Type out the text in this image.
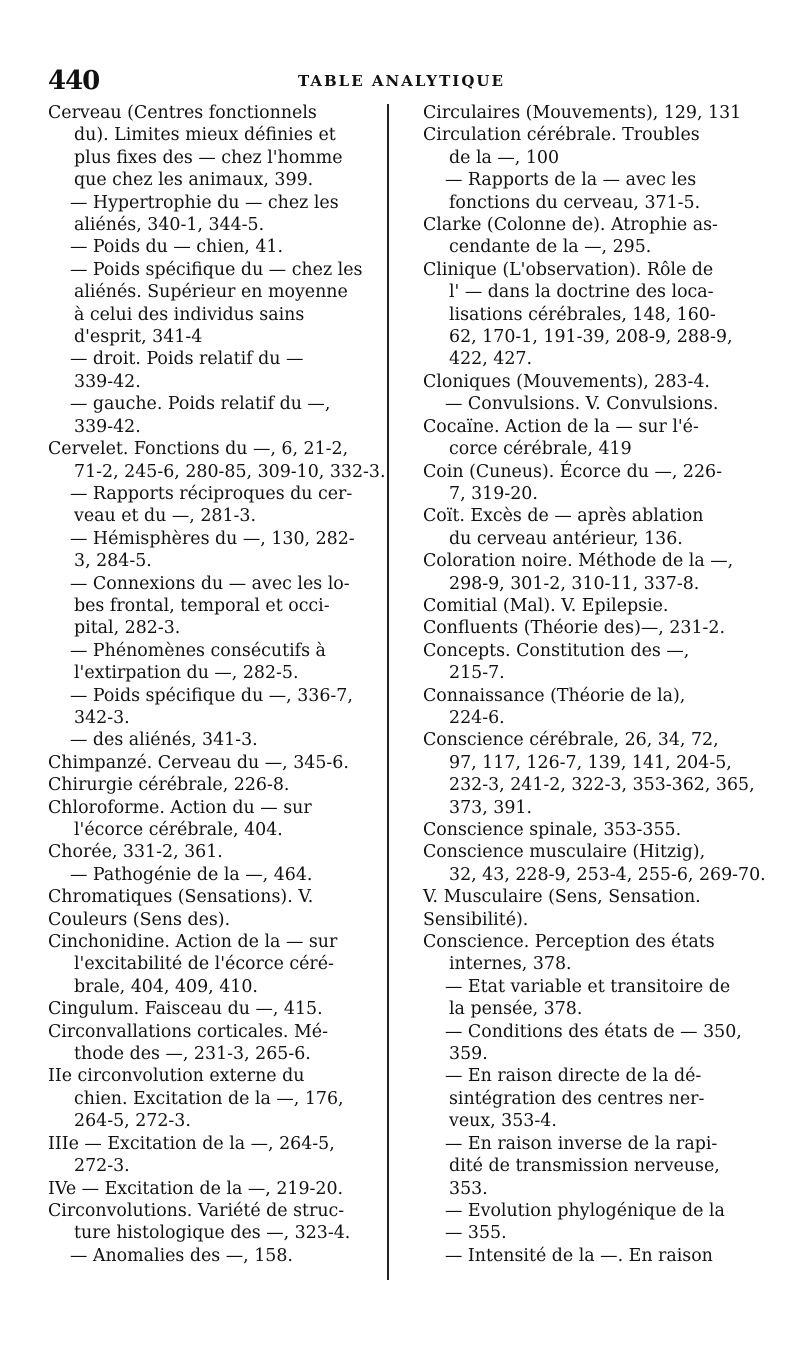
440	TABLE ANALYTIQUE
Cerveau (Centres fonctionnels
du). Limites mieux définies et
plus fixes des — chez l'homme
que chez les animaux, 399.
— Hypertrophie du — chez les
aliénés, 340-1, 344-5.
— Poids du — chien, 41.
— Poids spécifique du — chez les
aliénés. Supérieur en moyenne
à celui des individus sains
d'esprit, 341-4
— droit. Poids relatif du —
339-42.
— gauche. Poids relatif du —,
339-42.
Cervelet. Fonctions du —, 6, 21-2,
71-2, 245-6, 280-85, 309-10, 332-3.
— Rapports réciproques du cer-
veau et du —, 281-3.
— Hémisphères du —, 130, 282-
3, 284-5.
— Connexions du — avec les lo-
bes frontal, temporal et occi-
pital, 282-3.
— Phénomènes consécutifs à
l'extirpation du —, 282-5.
— Poids spécifique du —, 336-7,
342-3.
— des aliénés, 341-3.
Chimpanzé. Cerveau du —, 345-6.
Chirurgie cérébrale, 226-8.
Chloroforme. Action du — sur
l'écorce cérébrale, 404.
Chorée, 331-2, 361.
— Pathogénie de la —, 464.
Chromatiques (Sensations). V.
Couleurs (Sens des).
Cinchonidine. Action de la — sur
l'excitabilité de l'écorce céré-
brale, 404, 409, 410.
Cingulum. Faisceau du —, 415.
Circonvallations corticales. Mé-
thode des —, 231-3, 265-6.
IIe circonvolution externe du
chien. Excitation de la —, 176,
264-5, 272-3.
IIIe — Excitation de la —, 264-5,
272-3.
IVe — Excitation de la —, 219-20.
Circonvolutions. Variété de struc-
ture histologique des —, 323-4.
— Anomalies des —, 158.
Circulaires (Mouvements), 129, 131
Circulation cérébrale. Troubles
de la —, 100
— Rapports de la — avec les
fonctions du cerveau, 371-5.
Clarke (Colonne de). Atrophie as-
cendante de la —, 295.
Clinique (L'observation). Rôle de
l' — dans la doctrine des loca-
lisations cérébrales, 148, 160-
62, 170-1, 191-39, 208-9, 288-9,
422, 427.
Cloniques (Mouvements), 283-4.
— Convulsions. V. Convulsions.
Cocaïne. Action de la — sur l'é-
corce cérébrale, 419
Coin (Cuneus). Écorce du —, 226-
7, 319-20.
Coït. Excès de — après ablation
du cerveau antérieur, 136.
Coloration noire. Méthode de la —,
298-9, 301-2, 310-11, 337-8.
Comitial (Mal). V. Epilepsie.
Confluents (Théorie des)—, 231-2.
Concepts. Constitution des —,
215-7.
Connaissance (Théorie de la),
224-6.
Conscience cérébrale, 26, 34, 72,
97, 117, 126-7, 139, 141, 204-5,
232-3, 241-2, 322-3, 353-362, 365,
373, 391.
Conscience spinale, 353-355.
Conscience musculaire (Hitzig),
32, 43, 228-9, 253-4, 255-6, 269-70.
V. Musculaire (Sens, Sensation.
Sensibilité).
Conscience. Perception des états
internes, 378.
— Etat variable et transitoire de
la pensée, 378.
— Conditions des états de — 350,
359.
— En raison directe de la dé-
sintégration des centres ner-
veux, 353-4.
— En raison inverse de la rapi-
dité de transmission nerveuse,
353.
— Evolution phylogénique de la
— 355.
— Intensité de la —. En raison
